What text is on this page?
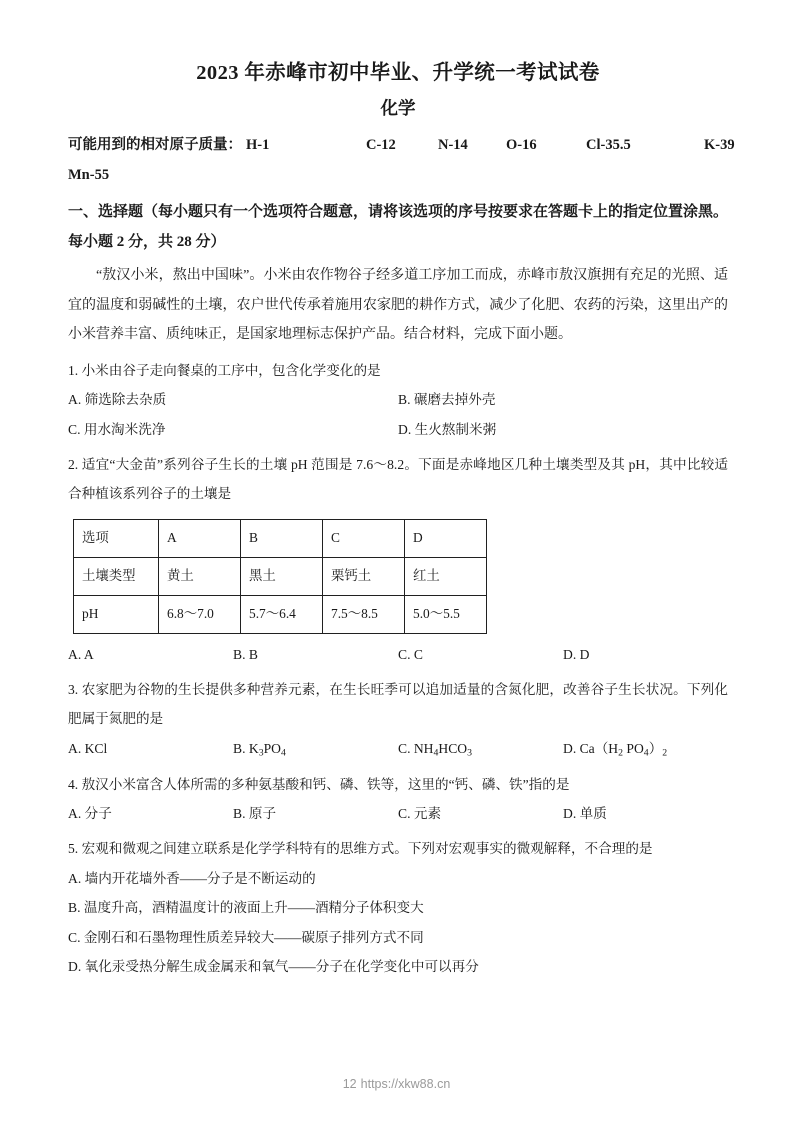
2023 年赤峰市初中毕业、升学统一考试试卷
化学

可能用到的相对原子质量： H-1	C-12	N-14	O-16	Cl-35.5	K-39

Mn-55

一、选择题（每小题只有一个选项符合题意，请将该选项的序号按要求在答题卡上的指定位置涂黑。每小题 2 分，共 28 分）

“敖汉小米，熬出中国味”。小米由农作物谷子经多道工序加工而成，赤峰市敖汉旗拥有充足的光照、适宜的温度和弱碱性的土壤，农户世代传承着施用农家肥的耕作方式，减少了化肥、农药的污染，这里出产的小米营养丰富、质纯味正，是国家地理标志保护产品。结合材料，完成下面小题。

1. 小米由谷子走向餐桌的工序中，包含化学变化的是

A. 筛选除去杂质	B. 碾磨去掉外壳
C. 用水淘米洗净	D. 生火熬制米粥

2. 适宜“大金苗”系列谷子生长的土壤 pH 范围是 7.6～8.2。下面是赤峰地区几种土壤类型及其 pH，其中比较适合种植该系列谷子的土壤是

选项	A	B	C	D
土壤类型	黄土	黑土	栗钙土	红土
pH	6.8～7.0	5.7～6.4	7.5～8.5	5.0～5.5
A. A	B. B	C. C	D. D

3. 农家肥为谷物的生长提供多种营养元素，在生长旺季可以追加适量的含氮化肥，改善谷子生长状况。下列化肥属于氮肥的是

A. KCl	B. $K_3PO_4$	C. $NH_4HCO_3$	D. $Ca(H_2$ $PO_4)_2$

4. 敖汉小米富含人体所需的多种氨基酸和钙、磷、铁等，这里的“钙、磷、铁”指的是

A. 分子	B. 原子	C. 元素	D. 单质

5. 宏观和微观之间建立联系是化学学科特有的思维方式。下列对宏观事实的微观解释，不合理的是

A. 墙内开花墙外香——分子是不断运动的
B. 温度升高，酒精温度计的液面上升——酒精分子体积变大
C. 金刚石和石墨物理性质差异较大——碳原子排列方式不同
D. 氧化汞受热分解生成金属汞和氧气——分子在化学变化中可以再分
12 https://xkw88.cn
